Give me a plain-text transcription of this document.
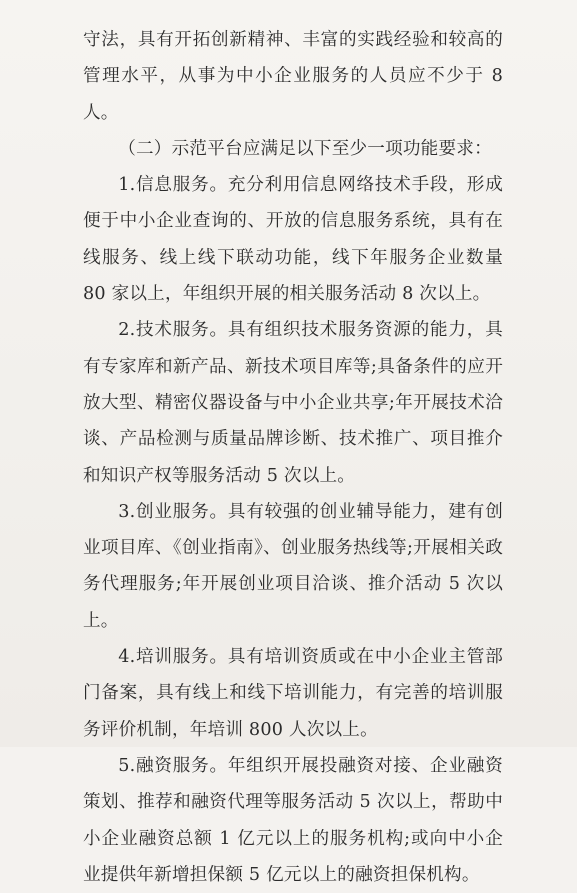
守法，具有开拓创新精神、丰富的实践经验和较高的管理水平，从事为中小企业服务的人员应不少于 8 人。

（二）示范平台应满足以下至少一项功能要求：

1.信息服务。充分利用信息网络技术手段，形成便于中小企业查询的、开放的信息服务系统，具有在线服务、线上线下联动功能，线下年服务企业数量 80 家以上，年组织开展的相关服务活动 8 次以上。

2.技术服务。具有组织技术服务资源的能力，具有专家库和新产品、新技术项目库等;具备条件的应开放大型、精密仪器设备与中小企业共享;年开展技术洽谈、产品检测与质量品牌诊断、技术推广、项目推介和知识产权等服务活动 5 次以上。

3.创业服务。具有较强的创业辅导能力，建有创业项目库、《创业指南》、创业服务热线等;开展相关政务代理服务;年开展创业项目洽谈、推介活动 5 次以上。

4.培训服务。具有培训资质或在中小企业主管部门备案，具有线上和线下培训能力，有完善的培训服务评价机制，年培训 800 人次以上。

5.融资服务。年组织开展投融资对接、企业融资策划、推荐和融资代理等服务活动 5 次以上，帮助中小企业融资总额 1 亿元以上的服务机构;或向中小企业提供年新增担保额 5 亿元以上的融资担保机构。
